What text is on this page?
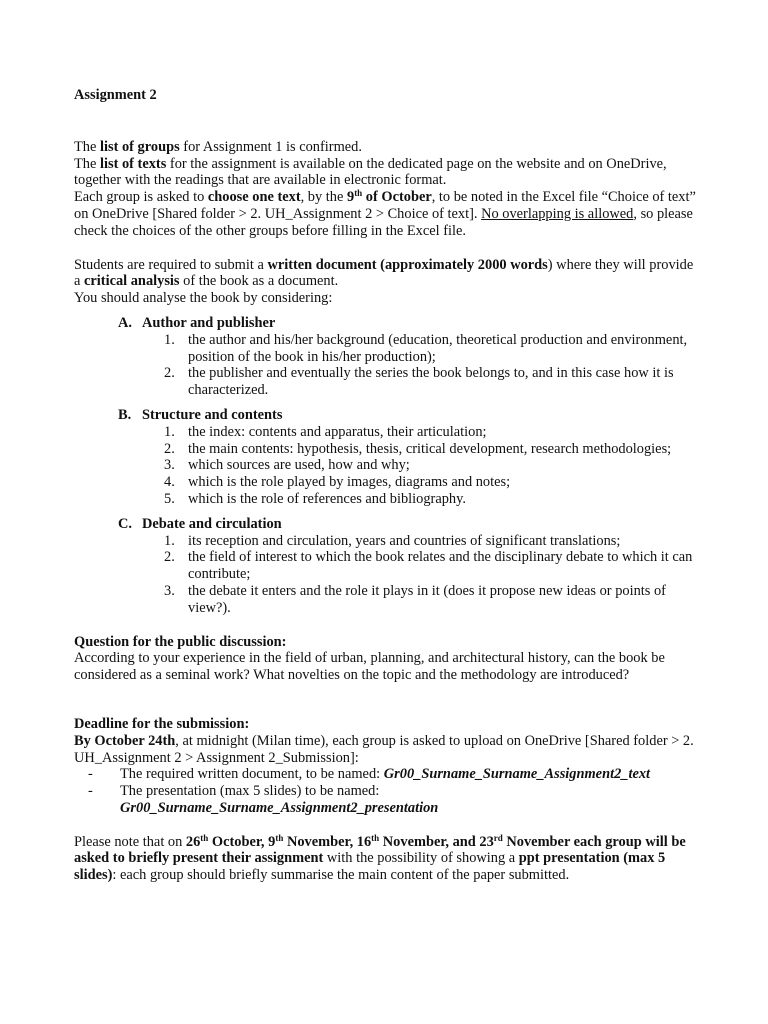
Assignment 2

The list of groups for Assignment 1 is confirmed.

The list of texts for the assignment is available on the dedicated page on the website and on OneDrive, together with the readings that are available in electronic format.

Each group is asked to choose one text, by the 9th of October, to be noted in the Excel file “Choice of text” on OneDrive [Shared folder > 2. UH_Assignment 2 > Choice of text]. No overlapping is allowed, so please check the choices of the other groups before filling in the Excel file.

Students are required to submit a written document (approximately 2000 words) where they will provide a critical analysis of the book as a document.

You should analyse the book by considering:

A. Author and publisher
1. the author and his/her background (education, theoretical production and environment, position of the book in his/her production);
2. the publisher and eventually the series the book belongs to, and in this case how it is characterized.
B. Structure and contents
1. the index: contents and apparatus, their articulation;
2. the main contents: hypothesis, thesis, critical development, research methodologies;
3. which sources are used, how and why;
4. which is the role played by images, diagrams and notes;
5. which is the role of references and bibliography.
C. Debate and circulation
1. its reception and circulation, years and countries of significant translations;
2. the field of interest to which the book relates and the disciplinary debate to which it can contribute;
3. the debate it enters and the role it plays in it (does it propose new ideas or points of view?).

Question for the public discussion:

According to your experience in the field of urban, planning, and architectural history, can the book be considered as a seminal work? What novelties on the topic and the methodology are introduced?

Deadline for the submission:

By October 24th, at midnight (Milan time), each group is asked to upload on OneDrive [Shared folder > 2. UH_Assignment 2 > Assignment 2_Submission]:

- The required written document, to be named: Gr00_Surname_Surname_Assignment2_text
- The presentation (max 5 slides) to be named:
Gr00_Surname_Surname_Assignment2_presentation

Please note that on 26th October, 9th November, 16th November, and 23rd November each group will be asked to briefly present their assignment with the possibility of showing a ppt presentation (max 5 slides): each group should briefly summarise the main content of the paper submitted.
